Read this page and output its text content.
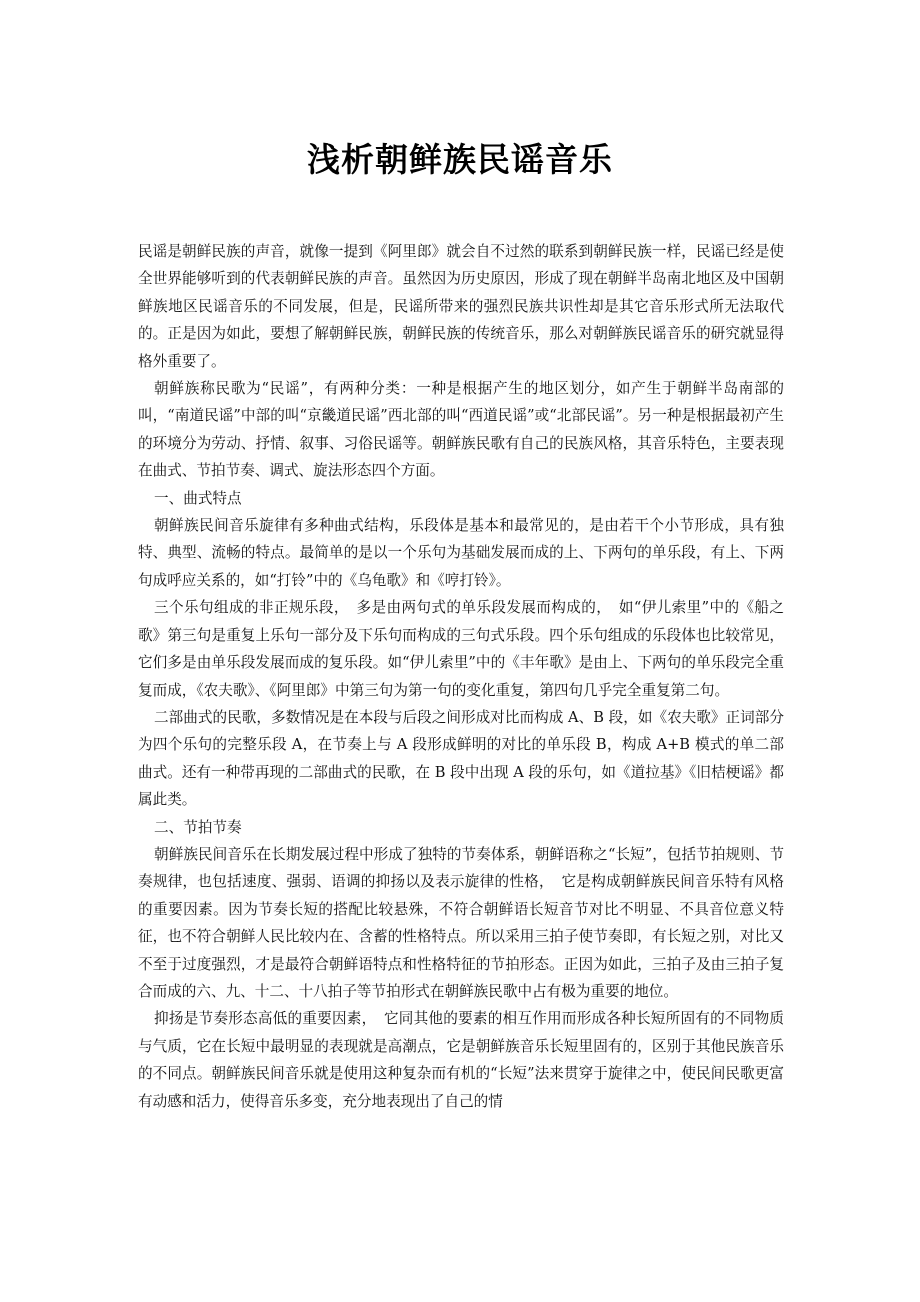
浅析朝鲜族民谣音乐

民谣是朝鲜民族的声音，就像一提到《阿里郎》就会自不过然的联系到朝鲜民族一样，民谣已经是使全世界能够听到的代表朝鲜民族的声音。虽然因为历史原因，形成了现在朝鲜半岛南北地区及中国朝鲜族地区民谣音乐的不同发展，但是，民谣所带来的强烈民族共识性却是其它音乐形式所无法取代的。正是因为如此，要想了解朝鲜民族，朝鲜民族的传统音乐，那么对朝鲜族民谣音乐的研究就显得格外重要了。

朝鲜族称民歌为“民谣”，有两种分类：一种是根据产生的地区划分，如产生于朝鲜半岛南部的叫，“南道民谣”中部的叫“京畿道民谣”西北部的叫“西道民谣”或“北部民谣”。另一种是根据最初产生的环境分为劳动、抒情、叙事、习俗民谣等。朝鲜族民歌有自己的民族风格，其音乐特色，主要表现在曲式、节拍节奏、调式、旋法形态四个方面。

一、曲式特点

朝鲜族民间音乐旋律有多种曲式结构，乐段体是基本和最常见的，是由若干个小节形成，具有独特、典型、流畅的特点。最简单的是以一个乐句为基础发展而成的上、下两句的单乐段，有上、下两句成呼应关系的，如“打铃”中的《乌龟歌》和《哼打铃》。

三个乐句组成的非正规乐段，　多是由两句式的单乐段发展而构成的，　如“伊儿索里”中的《船之歌》第三句是重复上乐句一部分及下乐句而构成的三句式乐段。四个乐句组成的乐段体也比较常见，它们多是由单乐段发展而成的复乐段。如“伊儿索里”中的《丰年歌》是由上、下两句的单乐段完全重复而成，《农夫歌》、《阿里郎》中第三句为第一句的变化重复，第四句几乎完全重复第二句。

二部曲式的民歌，多数情况是在本段与后段之间形成对比而构成 A、B 段，如《农夫歌》正词部分为四个乐句的完整乐段 A，在节奏上与 A 段形成鲜明的对比的单乐段 B，构成 A+B 模式的单二部曲式。还有一种带再现的二部曲式的民歌，在 B 段中出现 A 段的乐句，如《道拉基》《旧桔梗谣》都属此类。

二、节拍节奏

朝鲜族民间音乐在长期发展过程中形成了独特的节奏体系，朝鲜语称之“长短”，包括节拍规则、节奏规律，也包括速度、强弱、语调的抑扬以及表示旋律的性格，　它是构成朝鲜族民间音乐特有风格的重要因素。因为节奏长短的搭配比较悬殊，不符合朝鲜语长短音节对比不明显、不具音位意义特征，也不符合朝鲜人民比较内在、含蓄的性格特点。所以采用三拍子使节奏即，有长短之别，对比又不至于过度强烈，才是最符合朝鲜语特点和性格特征的节拍形态。正因为如此，三拍子及由三拍子复合而成的六、九、十二、十八拍子等节拍形式在朝鲜族民歌中占有极为重要的地位。

抑扬是节奏形态高低的重要因素，　它同其他的要素的相互作用而形成各种长短所固有的不同物质与气质，它在长短中最明显的表现就是高潮点，它是朝鲜族音乐长短里固有的，区别于其他民族音乐的不同点。朝鲜族民间音乐就是使用这种复杂而有机的“长短”法来贯穿于旋律之中，使民间民歌更富有动感和活力，使得音乐多变，充分地表现出了自己的情
